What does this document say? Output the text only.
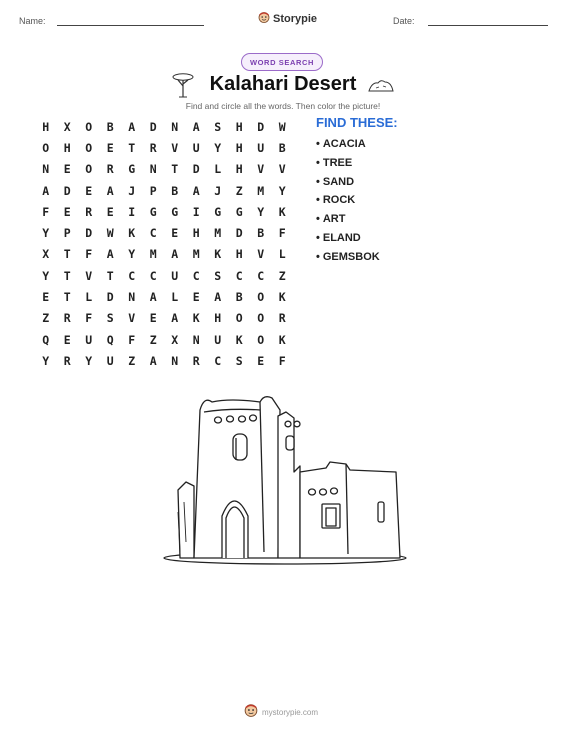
Name:	Storypie	Date:
WORD SEARCH
Kalahari Desert
Find and circle all the words. Then color the picture!
H	X	O	B	A	D	N	A	S	H	D	W
O	H	O	E	T	R	V	U	Y	H	U	B
N	E	O	R	G	N	T	D	L	H	V	V
A	D	E	A	J	P	B	A	J	Z	M	Y
F	E	R	E	I	G	G	I	G	G	Y	K
Y	P	D	W	K	C	E	H	M	D	B	F
X	T	F	A	Y	M	A	M	K	H	V	L
Y	T	V	T	C	C	U	C	S	C	C	Z
E	T	L	D	N	A	L	E	A	B	O	K
Z	R	F	S	V	E	A	K	H	O	O	R
Q	E	U	Q	F	Z	X	N	U	K	O	K
Y	R	Y	U	Z	A	N	R	C	S	E	F
FIND THESE:
• ACACIA
• TREE
• SAND
• ROCK
• ART
• ELAND
• GEMSBOK
mystorypie.com
